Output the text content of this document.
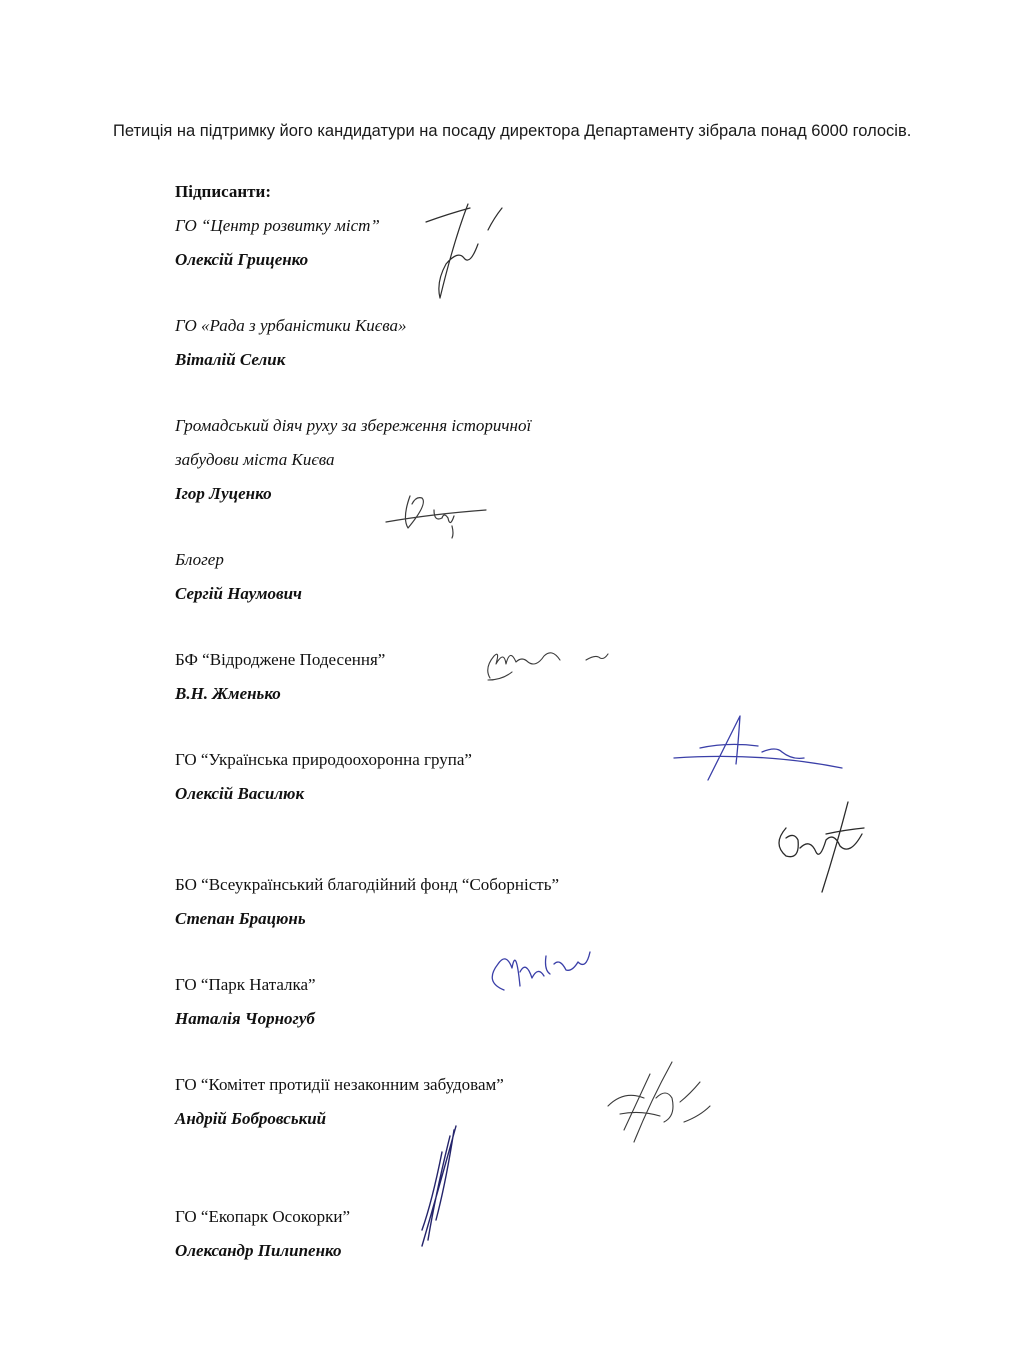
Петиція на підтримку його кандидатури на посаду директора Департаменту зібрала понад 6000 голосів.
Підписанти:
ГО “Центр розвитку міст”
Олексій Гриценко
ГО «Рада з урбаністики Києва»
Віталій Селик
Громадський діяч руху за збереження історичної
забудови міста Києва
Ігор Луценко
Блогер
Сергій Наумович
БФ “Відроджене Подесення”
В.Н. Жменько
ГО “Українська природоохоронна група”
Олексій Василюк
БО “Всеукраїнський благодійний фонд “Соборність”
Степан Брацюнь
ГО “Парк Наталка”
Наталія Чорногуб
ГО “Комітет протидії незаконним забудовам”
Андрій Бобровський
ГО “Екопарк Осокорки”
Олександр Пилипенко
